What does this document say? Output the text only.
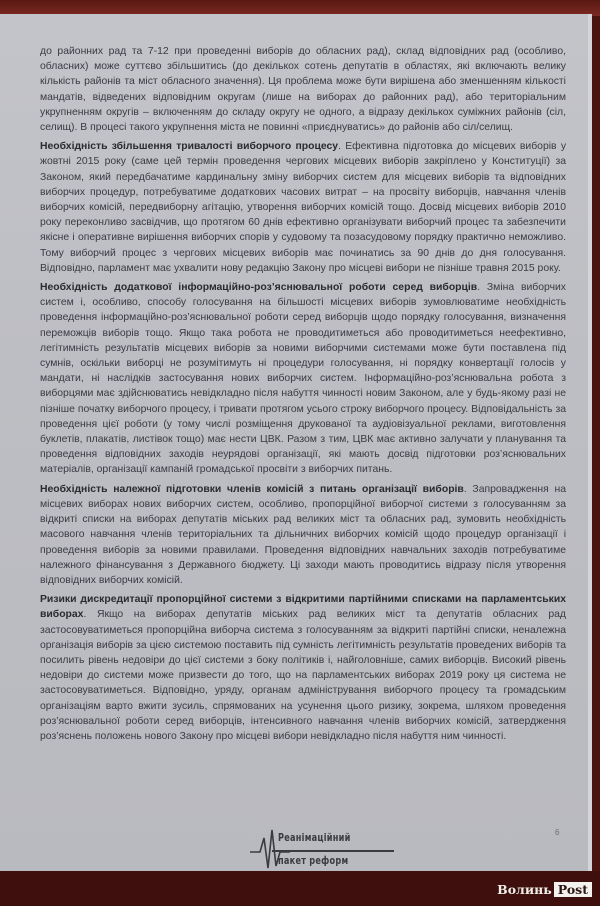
до районних рад та 7-12 при проведенні виборів до обласних рад), склад відповідних рад (особливо, обласних) може суттєво збільшитись (до декількох сотень депутатів в областях, які включають велику кількість районів та міст обласного значення). Ця проблема може бути вирішена або зменшенням кількості мандатів, відведених відповідним округам (лише на виборах до районних рад), або територіальним укрупненням округів – включенням до складу округу не одного, а відразу декількох суміжних районів (сіл, селищ). В процесі такого укрупнення міста не повинні «приєднуватись» до районів або сіл/селищ.

Необхідність збільшення тривалості виборчого процесу. Ефективна підготовка до місцевих виборів у жовтні 2015 року (саме цей термін проведення чергових місцевих виборів закріплено у Конституції) за Законом, який передбачатиме кардинальну зміну виборчих систем для місцевих виборів та відповідних виборчих процедур, потребуватиме додаткових часових витрат – на просвіту виборців, навчання членів виборчих комісій, передвиборну агітацію, утворення виборчих комісій тощо. Досвід місцевих виборів 2010 року переконливо засвідчив, що протягом 60 днів ефективно організувати виборчий процес та забезпечити якісне і оперативне вирішення виборчих спорів у судовому та позасудовому порядку практично неможливо. Тому виборчий процес з чергових місцевих виборів має починатись за 90 днів до дня голосування. Відповідно, парламент має ухвалити нову редакцію Закону про місцеві вибори не пізніше травня 2015 року.

Необхідність додаткової інформаційно-роз’яснювальної роботи серед виборців. Зміна виборчих систем і, особливо, способу голосування на більшості місцевих виборів зумовлюватиме необхідність проведення інформаційно-роз’яснювальної роботи серед виборців щодо порядку голосування, визначення переможців виборів тощо. Якщо така робота не проводитиметься або проводитиметься неефективно, легітимність результатів місцевих виборів за новими виборчими системами може бути поставлена під сумнів, оскільки виборці не розумітимуть ні процедури голосування, ні порядку конвертації голосів у мандати, ні наслідків застосування нових виборчих систем. Інформаційно-роз’яснювальна робота з виборцями має здійснюватись невідкладно після набуття чинності новим Законом, але у будь-якому разі не пізніше початку виборчого процесу, і тривати протягом усього строку виборчого процесу. Відповідальність за проведення цієї роботи (у тому числі розміщення друкованої та аудіовізуальної реклами, виготовлення буклетів, плакатів, листівок тощо) має нести ЦВК. Разом з тим, ЦВК має активно залучати у планування та проведення відповідних заходів неурядові організації, які мають досвід підготовки роз’яснювальних матеріалів, організації кампаній громадської просвіти з виборчих питань.

Необхідність належної підготовки членів комісій з питань організації виборів. Запровадження на місцевих виборах нових виборчих систем, особливо, пропорційної виборчої системи з голосуванням за відкриті списки на виборах депутатів міських рад великих міст та обласних рад, зумовить необхідність масового навчання членів територіальних та дільничних виборчих комісій щодо процедур організації і проведення виборів за новими правилами. Проведення відповідних навчальних заходів потребуватиме належного фінансування з Державного бюджету. Ці заходи мають проводитись відразу після утворення відповідних виборчих комісій.

Ризики дискредитації пропорційної системи з відкритими партійними списками на парламентських виборах. Якщо на виборах депутатів міських рад великих міст та депутатів обласних рад застосовуватиметься пропорційна виборча система з голосуванням за відкриті партійні списки, неналежна організація виборів за цією системою поставить під сумність легітимність результатів проведених виборів та посилить рівень недовіри до цієї системи з боку політиків і, найголовніше, самих виборців. Високий рівень недовіри до системи може призвести до того, що на парламентських виборах 2019 року ця система не застосовуватиметься. Відповідно, уряду, органам адміністрування виборчого процесу та громадським організаціям варто вжити зусиль, спрямованих на усунення цього ризику, зокрема, шляхом проведення роз’яснювальної роботи серед виборців, інтенсивного навчання членів виборчих комісій, затвердження роз’яснень положень нового Закону про місцеві вибори невідкладно після набуття ним чинності.

Реанімаційний
пакет реформ
6
Волинь Post
